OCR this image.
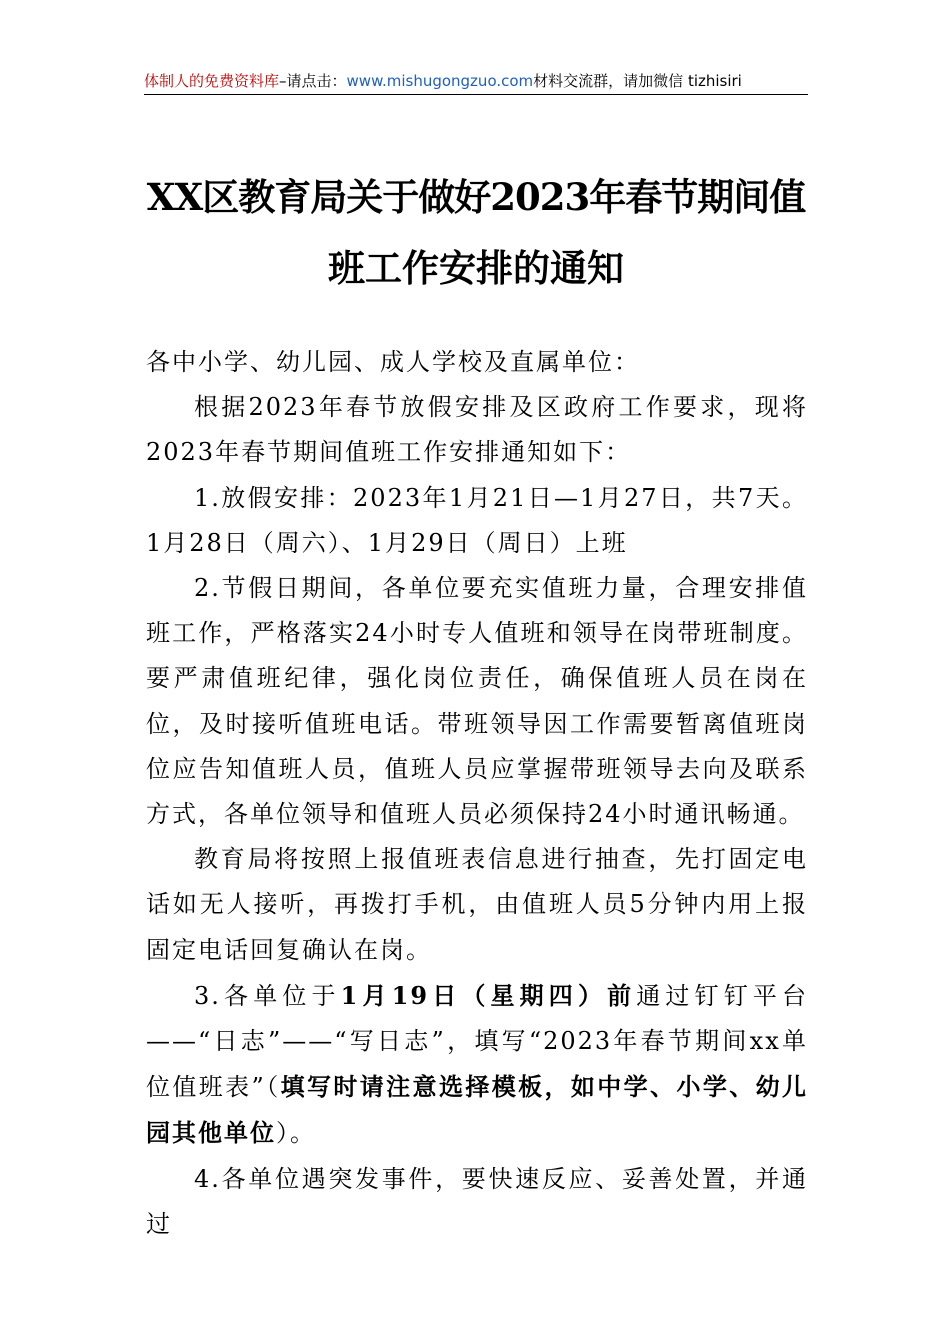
体制人的免费资料库–请点击：www.mishugongzuo.com材料交流群，请加微信 tizhisiri
XX区教育局关于做好2023年春节期间值
班工作安排的通知

各中小学、幼儿园、成人学校及直属单位：

根据2023年春节放假安排及区政府工作要求，现将2023年春节期间值班工作安排通知如下：

1.放假安排：2023年1月21日—1月27日，共7天。1月28日（周六）、1月29日（周日）上班

2.节假日期间，各单位要充实值班力量，合理安排值班工作，严格落实24小时专人值班和领导在岗带班制度。要严肃值班纪律，强化岗位责任，确保值班人员在岗在位，及时接听值班电话。带班领导因工作需要暂离值班岗位应告知值班人员，值班人员应掌握带班领导去向及联系方式，各单位领导和值班人员必须保持24小时通讯畅通。

教育局将按照上报值班表信息进行抽查，先打固定电话如无人接听，再拨打手机，由值班人员5分钟内用上报固定电话回复确认在岗。

3.各单位于1月19日（星期四）前通过钉钉平台——“日志”——“写日志”，填写“2023年春节期间xx单位值班表”（填写时请注意选择模板，如中学、小学、幼儿园其他单位）。

4.各单位遇突发事件，要快速反应、妥善处置，并通过
